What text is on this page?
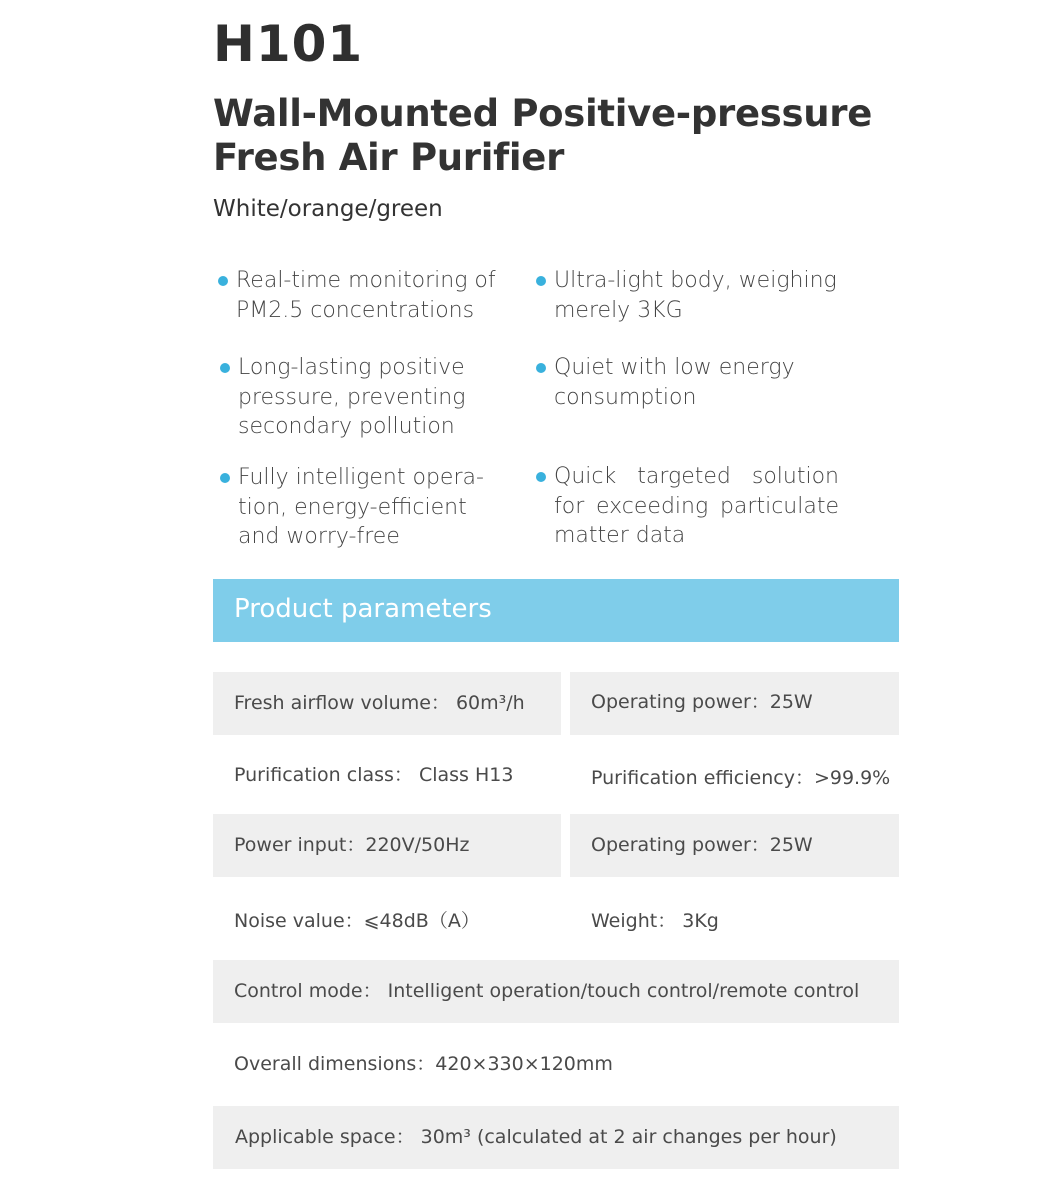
H101
Wall-Mounted Positive-pressure Fresh Air Purifier
White/orange/green
Real-time monitoring of PM2.5 concentrations
Ultra-light body, weighing merely 3KG
Long-lasting positive pressure, preventing secondary pollution
Quiet with low energy consumption
Fully intelligent opera-tion, energy-efficient and worry-free
Quick targeted solution for exceeding particulate matter data
Product parameters
Fresh airflow volume： 60m³/h	Operating power：25W
Purification class： Class H13	Purification efficiency：>99.9%
Power input：220V/50Hz	Operating power：25W
Noise value：⩽48dB（A）	Weight： 3Kg
Control mode： Intelligent operation/touch control/remote control
Overall dimensions：420×330×120mm
Applicable space： 30m³ (calculated at 2 air changes per hour)
